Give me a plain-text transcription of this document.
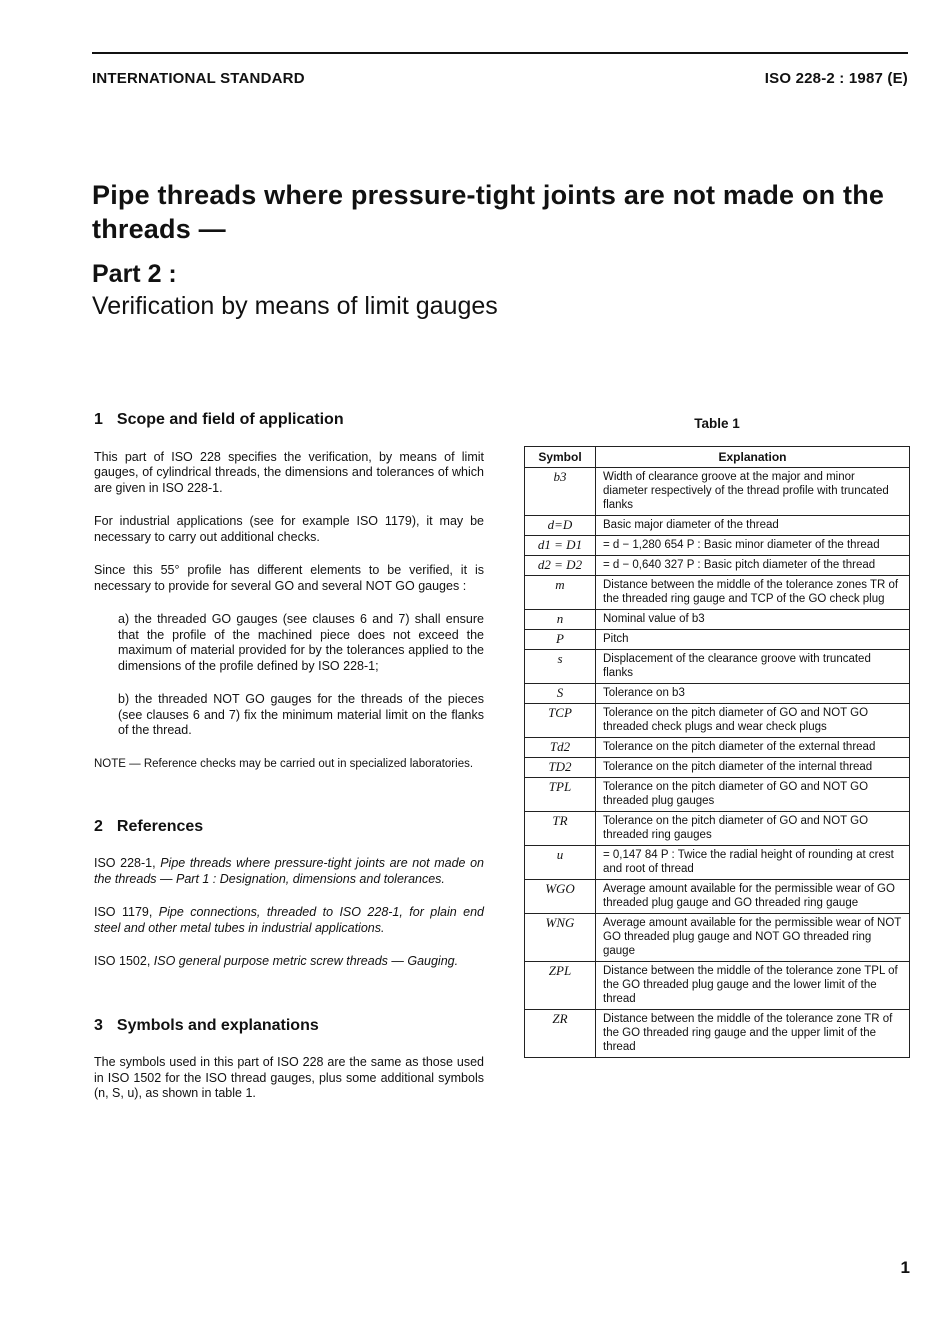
INTERNATIONAL STANDARD	ISO 228-2 : 1987 (E)
Pipe threads where pressure-tight joints are not made on the threads —
Part 2 :
Verification by means of limit gauges
1 Scope and field of application

This part of ISO 228 specifies the verification, by means of limit gauges, of cylindrical threads, the dimensions and tolerances of which are given in ISO 228-1.

For industrial applications (see for example ISO 1179), it may be necessary to carry out additional checks.

Since this 55° profile has different elements to be verified, it is necessary to provide for several GO and several NOT GO gauges :

a) the threaded GO gauges (see clauses 6 and 7) shall ensure that the profile of the machined piece does not exceed the maximum of material provided for by the tolerances applied to the dimensions of the profile defined by ISO 228-1;

b) the threaded NOT GO gauges for the threads of the pieces (see clauses 6 and 7) fix the minimum material limit on the flanks of the thread.

NOTE — Reference checks may be carried out in specialized laboratories.

2 References

ISO 228-1, Pipe threads where pressure-tight joints are not made on the threads — Part 1 : Designation, dimensions and tolerances.

ISO 1179, Pipe connections, threaded to ISO 228-1, for plain end steel and other metal tubes in industrial applications.

ISO 1502, ISO general purpose metric screw threads — Gauging.

3 Symbols and explanations

The symbols used in this part of ISO 228 are the same as those used in ISO 1502 for the ISO thread gauges, plus some additional symbols (n, S, u), as shown in table 1.

Table 1
Symbol	Explanation
b3	Width of clearance groove at the major and minor diameter respectively of the thread profile with truncated flanks
d=D	Basic major diameter of the thread
d1 = D1	= d − 1,280 654 P : Basic minor diameter of the thread
d2 = D2	= d − 0,640 327 P : Basic pitch diameter of the thread
m	Distance between the middle of the tolerance zones TR of the threaded ring gauge and TCP of the GO check plug
n	Nominal value of b3
P	Pitch
s	Displacement of the clearance groove with truncated flanks
S	Tolerance on b3
TCP	Tolerance on the pitch diameter of GO and NOT GO threaded check plugs and wear check plugs
Td2	Tolerance on the pitch diameter of the external thread
TD2	Tolerance on the pitch diameter of the internal thread
TPL	Tolerance on the pitch diameter of GO and NOT GO threaded plug gauges
TR	Tolerance on the pitch diameter of GO and NOT GO threaded ring gauges
u	= 0,147 84 P : Twice the radial height of rounding at crest and root of thread
WGO	Average amount available for the permissible wear of GO threaded plug gauge and GO threaded ring gauge
WNG	Average amount available for the permissible wear of NOT GO threaded plug gauge and NOT GO threaded ring gauge
ZPL	Distance between the middle of the tolerance zone TPL of the GO threaded plug gauge and the lower limit of the thread
ZR	Distance between the middle of the tolerance zone TR of the GO threaded ring gauge and the upper limit of the thread
1
